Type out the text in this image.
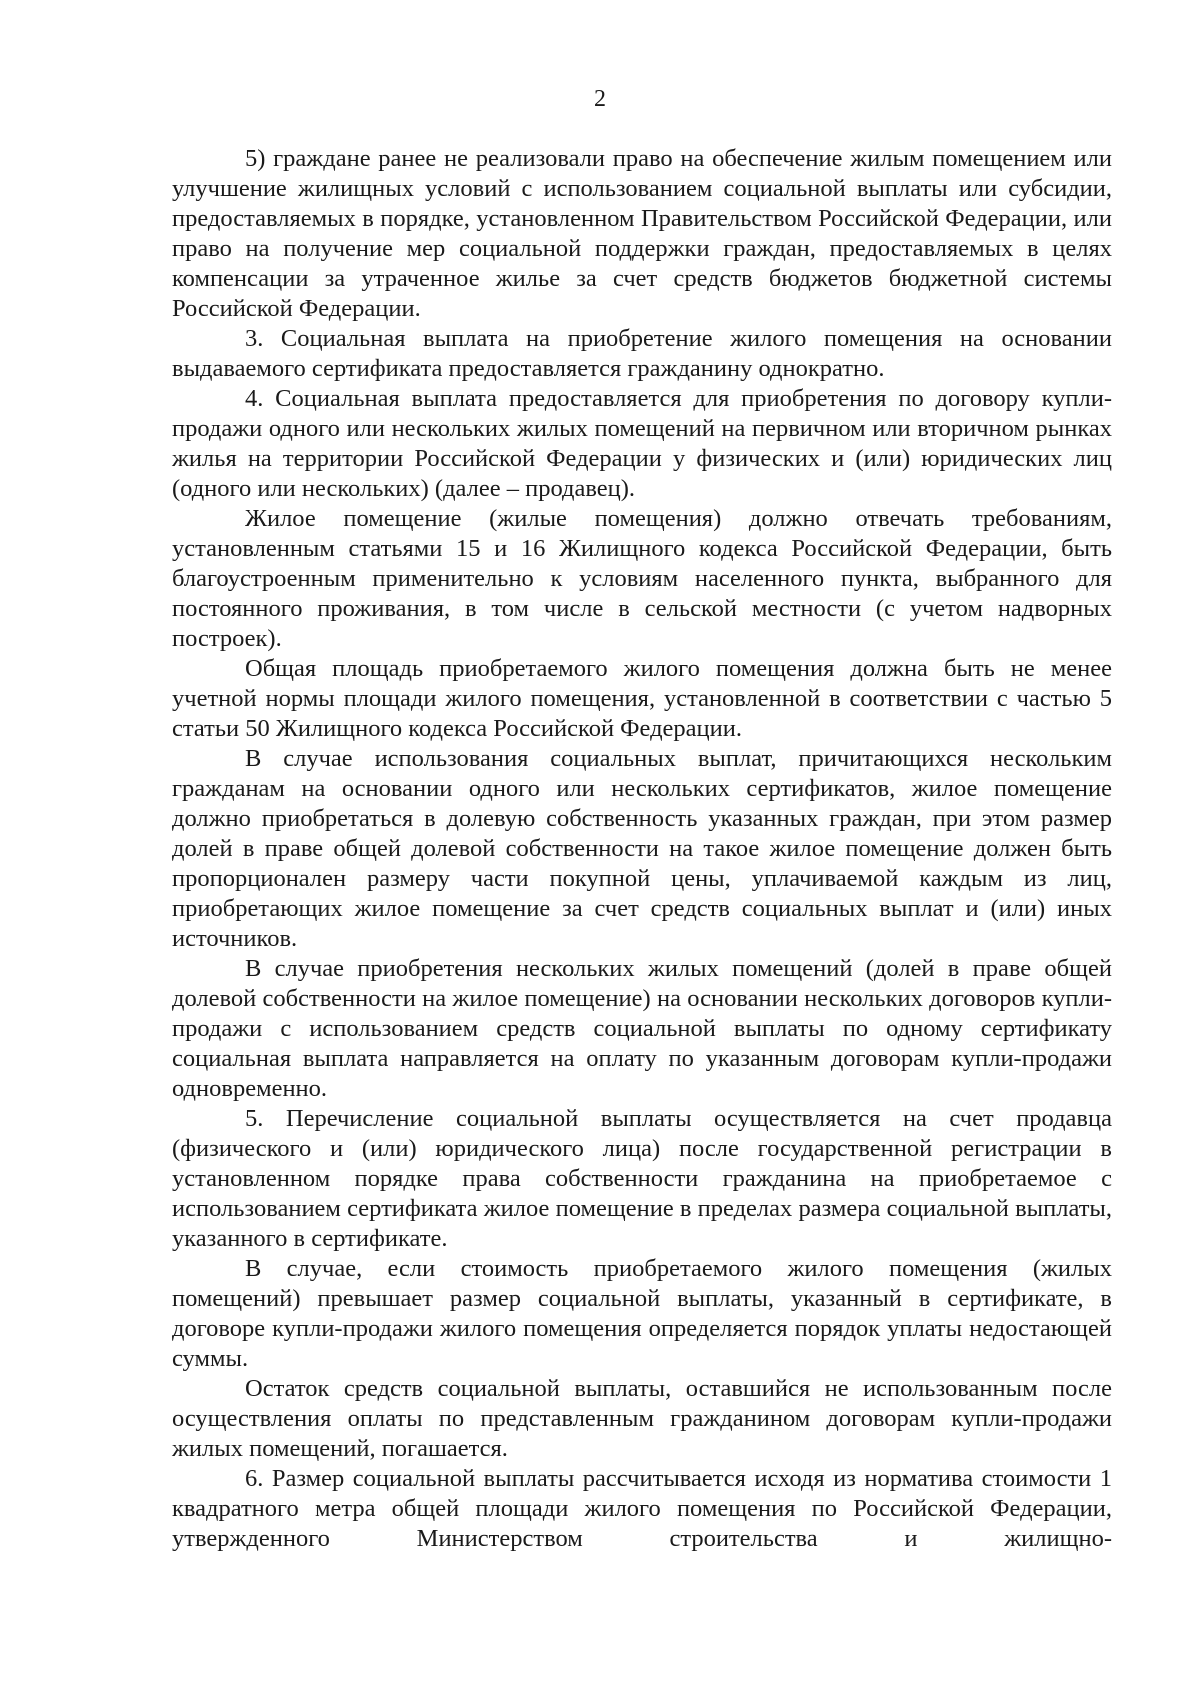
2

5) граждане ранее не реализовали право на обеспечение жилым помещением или улучшение жилищных условий с использованием социальной выплаты или субсидии, предоставляемых в порядке, установленном Правительством Российской Федерации, или право на получение мер социальной поддержки граждан, предоставляемых в целях компенсации за утраченное жилье за счет средств бюджетов бюджетной системы Российской Федерации.

3. Социальная выплата на приобретение жилого помещения на основании выдаваемого сертификата предоставляется гражданину однократно.

4. Социальная выплата предоставляется для приобретения по договору купли-продажи одного или нескольких жилых помещений на первичном или вторичном рынках жилья на территории Российской Федерации у физических и (или) юридических лиц (одного или нескольких) (далее – продавец).

Жилое помещение (жилые помещения) должно отвечать требованиям, установленным статьями 15 и 16 Жилищного кодекса Российской Федерации, быть благоустроенным применительно к условиям населенного пункта, выбранного для постоянного проживания, в том числе в сельской местности (с учетом надворных построек).

Общая площадь приобретаемого жилого помещения должна быть не менее учетной нормы площади жилого помещения, установленной в соответствии с частью 5 статьи 50 Жилищного кодекса Российской Федерации.

В случае использования социальных выплат, причитающихся нескольким гражданам на основании одного или нескольких сертификатов, жилое помещение должно приобретаться в долевую собственность указанных граждан, при этом размер долей в праве общей долевой собственности на такое жилое помещение должен быть пропорционален размеру части покупной цены, уплачиваемой каждым из лиц, приобретающих жилое помещение за счет средств социальных выплат и (или) иных источников.

В случае приобретения нескольких жилых помещений (долей в праве общей долевой собственности на жилое помещение) на основании нескольких договоров купли-продажи с использованием средств социальной выплаты по одному сертификату социальная выплата направляется на оплату по указанным договорам купли-продажи одновременно.

5. Перечисление социальной выплаты осуществляется на счет продавца (физического и (или) юридического лица) после государственной регистрации в установленном порядке права собственности гражданина на приобретаемое с использованием сертификата жилое помещение в пределах размера социальной выплаты, указанного в сертификате.

В случае, если стоимость приобретаемого жилого помещения (жилых помещений) превышает размер социальной выплаты, указанный в сертификате, в договоре купли-продажи жилого помещения определяется порядок уплаты недостающей суммы.

Остаток средств социальной выплаты, оставшийся не использованным после осуществления оплаты по представленным гражданином договорам купли-продажи жилых помещений, погашается.

6. Размер социальной выплаты рассчитывается исходя из норматива стоимости 1 квадратного метра общей площади жилого помещения по Российской Федерации, утвержденного Министерством строительства и жилищно-
